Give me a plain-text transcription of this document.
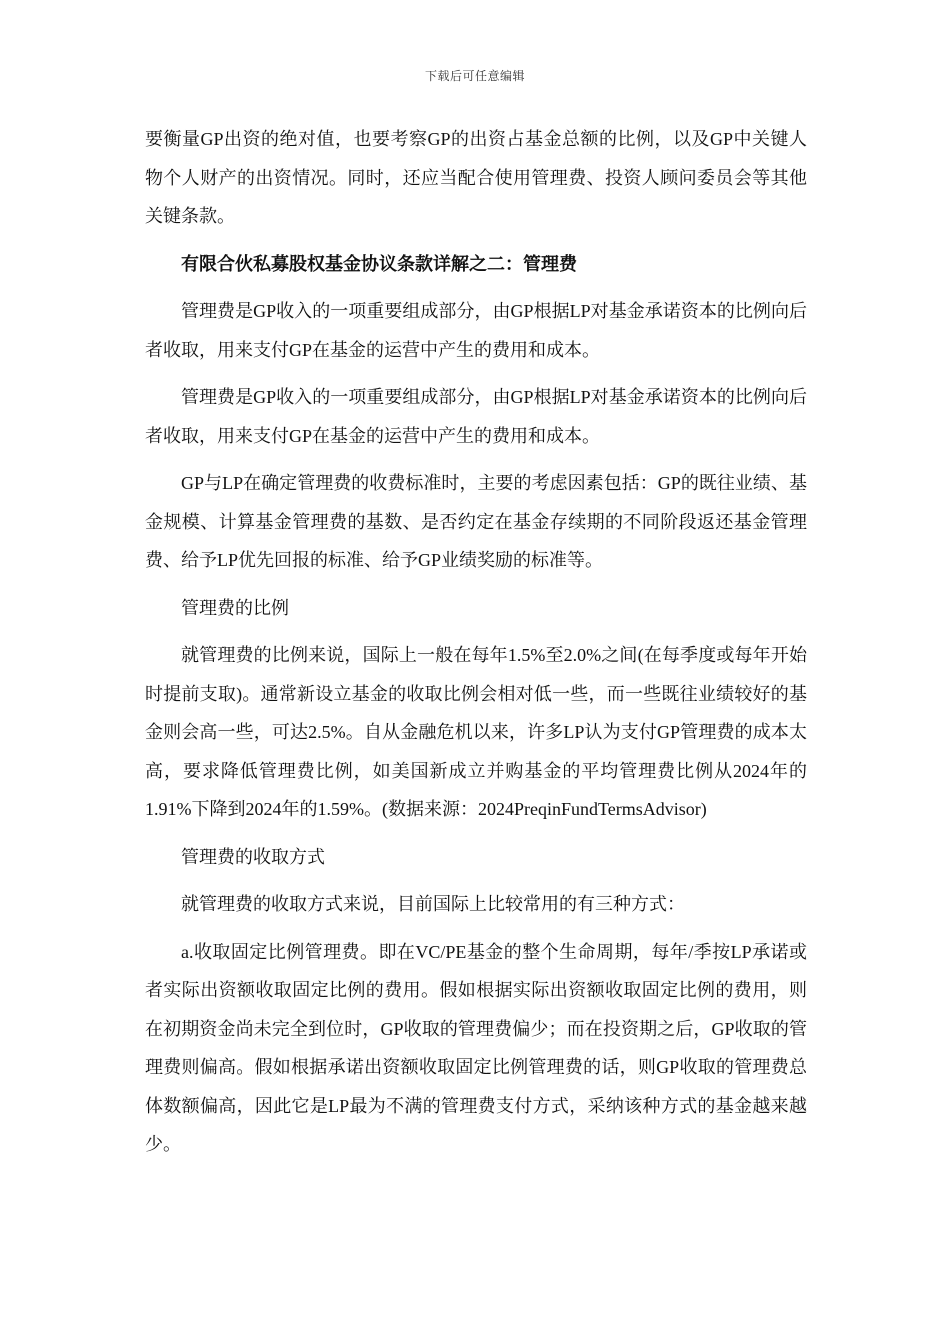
下载后可任意编辑

要衡量GP出资的绝对值，也要考察GP的出资占基金总额的比例，以及GP中关键人物个人财产的出资情况。同时，还应当配合使用管理费、投资人顾问委员会等其他关键条款。

有限合伙私募股权基金协议条款详解之二：管理费

管理费是GP收入的一项重要组成部分，由GP根据LP对基金承诺资本的比例向后者收取，用来支付GP在基金的运营中产生的费用和成本。

管理费是GP收入的一项重要组成部分，由GP根据LP对基金承诺资本的比例向后者收取，用来支付GP在基金的运营中产生的费用和成本。

GP与LP在确定管理费的收费标准时，主要的考虑因素包括：GP的既往业绩、基金规模、计算基金管理费的基数、是否约定在基金存续期的不同阶段返还基金管理费、给予LP优先回报的标准、给予GP业绩奖励的标准等。

管理费的比例

就管理费的比例来说，国际上一般在每年1.5%至2.0%之间(在每季度或每年开始时提前支取)。通常新设立基金的收取比例会相对低一些，而一些既往业绩较好的基金则会高一些，可达2.5%。自从金融危机以来，许多LP认为支付GP管理费的成本太高，要求降低管理费比例，如美国新成立并购基金的平均管理费比例从2024年的1.91%下降到2024年的1.59%。(数据来源：2024PreqinFundTermsAdvisor)

管理费的收取方式

就管理费的收取方式来说，目前国际上比较常用的有三种方式：

a.收取固定比例管理费。即在VC/PE基金的整个生命周期，每年/季按LP承诺或者实际出资额收取固定比例的费用。假如根据实际出资额收取固定比例的费用，则在初期资金尚未完全到位时，GP收取的管理费偏少；而在投资期之后，GP收取的管理费则偏高。假如根据承诺出资额收取固定比例管理费的话，则GP收取的管理费总体数额偏高，因此它是LP最为不满的管理费支付方式，采纳该种方式的基金越来越少。
